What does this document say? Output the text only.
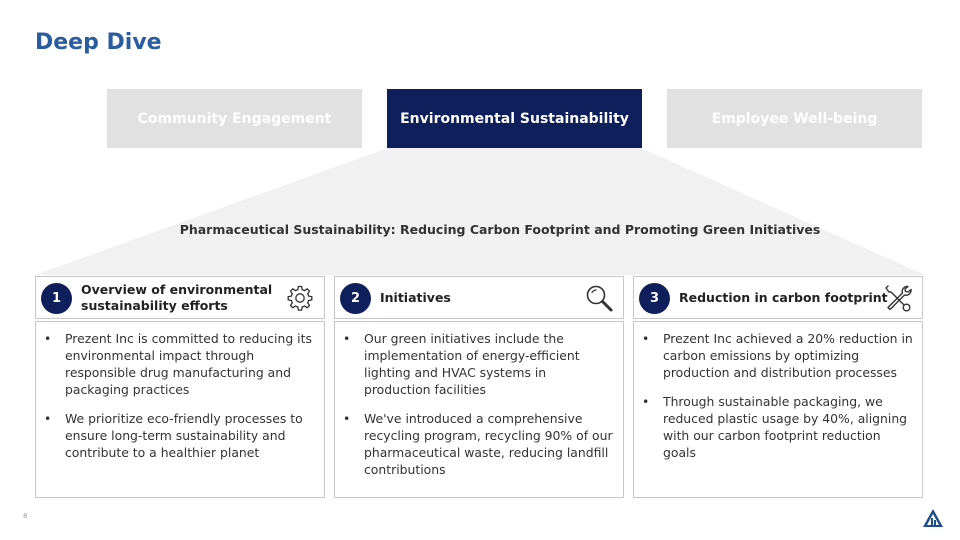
Deep Dive
Community Engagement	Environmental Sustainability	Employee Well-being
Pharmaceutical Sustainability: Reducing Carbon Footprint and Promoting Green Initiatives
1
Overview of environmental sustainability efforts
• Prezent Inc is committed to reducing its environmental impact through responsible drug manufacturing and packaging practices
• We prioritize eco-friendly processes to ensure long-term sustainability and contribute to a healthier planet
2	Initiatives
• Our green initiatives include the implementation of energy-efficient lighting and HVAC systems in production facilities
• We've introduced a comprehensive recycling program, recycling 90% of our pharmaceutical waste, reducing landfill contributions
3	Reduction in carbon footprint
• Prezent Inc achieved a 20% reduction in carbon emissions by optimizing production and distribution processes
• Through sustainable packaging, we reduced plastic usage by 40%, aligning with our carbon footprint reduction goals
8
